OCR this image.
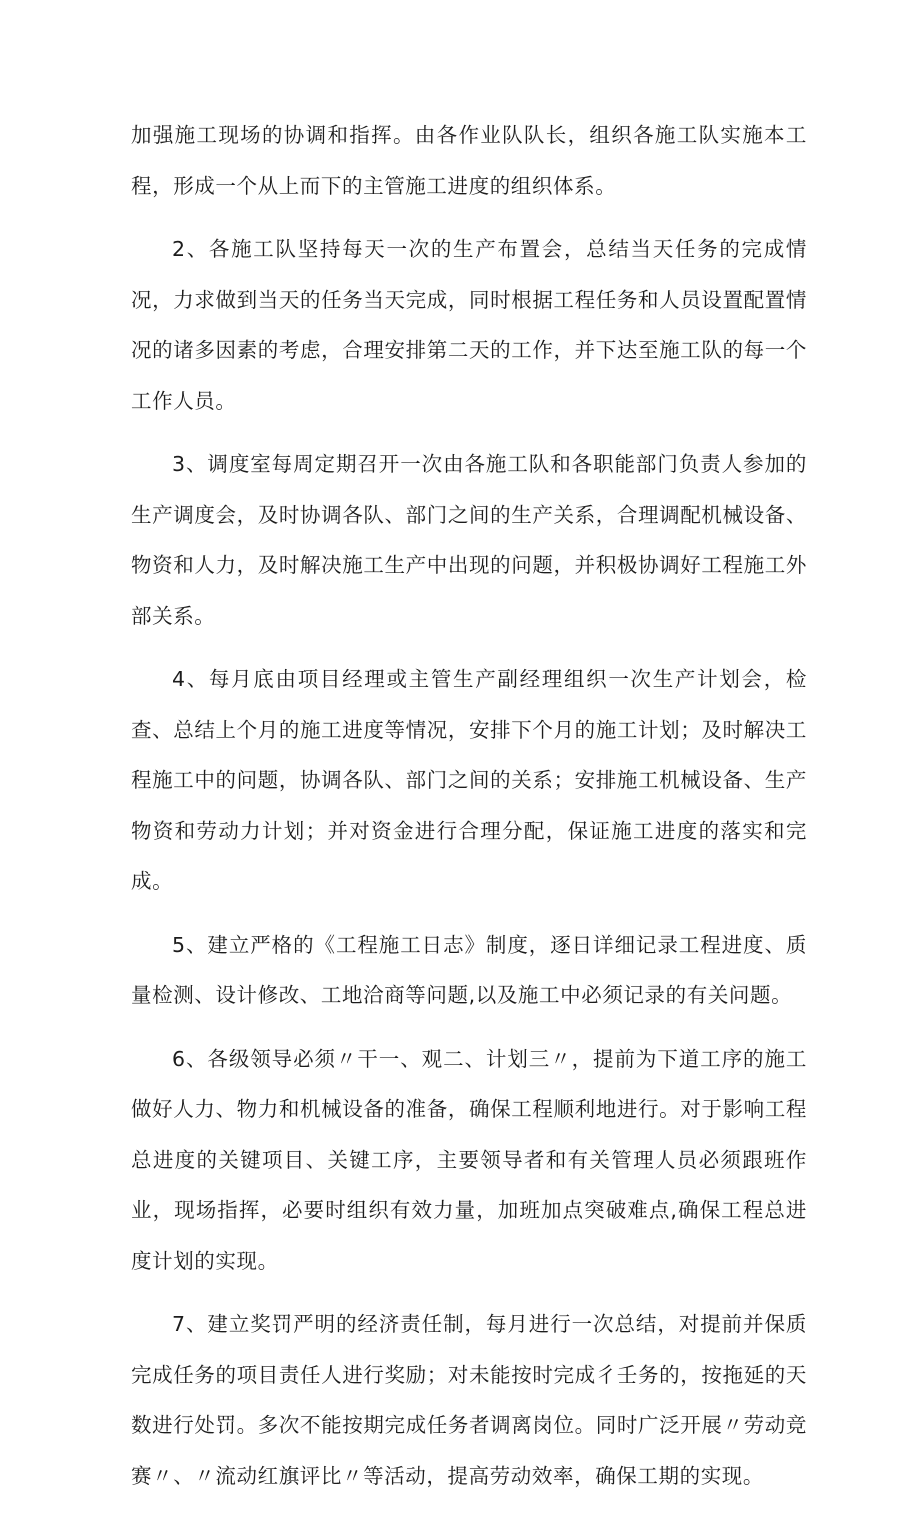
加强施工现场的协调和指挥。由各作业队队长，组织各施工队实施本工程，形成一个从上而下的主管施工进度的组织体系。

2、各施工队坚持每天一次的生产布置会，总结当天任务的完成情况，力求做到当天的任务当天完成，同时根据工程任务和人员设置配置情况的诸多因素的考虑，合理安排第二天的工作，并下达至施工队的每一个工作人员。

3、调度室每周定期召开一次由各施工队和各职能部门负责人参加的生产调度会，及时协调各队、部门之间的生产关系，合理调配机械设备、物资和人力，及时解决施工生产中出现的问题，并积极协调好工程施工外部关系。

4、每月底由项目经理或主管生产副经理组织一次生产计划会，检查、总结上个月的施工进度等情况，安排下个月的施工计划；及时解决工程施工中的问题，协调各队、部门之间的关系；安排施工机械设备、生产物资和劳动力计划；并对资金进行合理分配，保证施工进度的落实和完成。

5、建立严格的《工程施工日志》制度，逐日详细记录工程进度、质量检测、设计修改、工地洽商等问题,以及施工中必须记录的有关问题。

6、各级领导必须〃干一、观二、计划三〃，提前为下道工序的施工做好人力、物力和机械设备的准备，确保工程顺利地进行。对于影响工程总进度的关键项目、关键工序，主要领导者和有关管理人员必须跟班作业，现场指挥，必要时组织有效力量，加班加点突破难点,确保工程总进度计划的实现。

7、建立奖罚严明的经济责任制，每月进行一次总结，对提前并保质完成任务的项目责任人进行奖励；对未能按时完成彳壬务的，按拖延的天数进行处罚。多次不能按期完成任务者调离岗位。同时广泛开展〃劳动竞赛〃、〃流动红旗评比〃等活动，提高劳动效率，确保工期的实现。
